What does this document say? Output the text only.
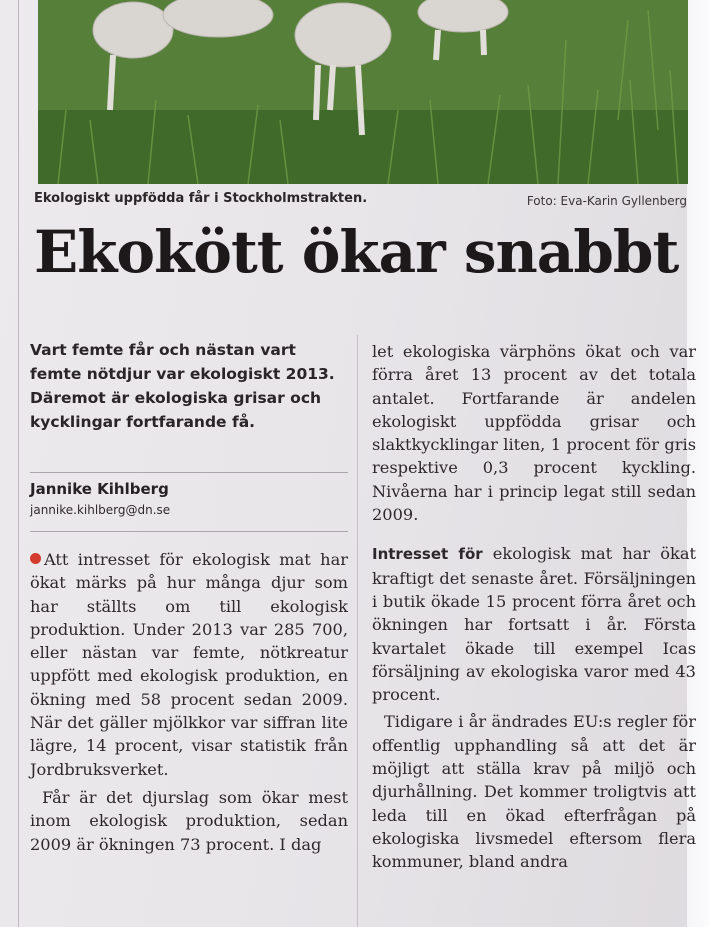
Ekologiskt uppfödda får i Stockholmstrakten.	Foto: Eva-Karin Gyllenberg
Ekokött ökar snabbt
Vart femte får och nästan vart femte nötdjur var ekologiskt 2013. Däremot är ekologiska grisar och kycklingar fortfarande få.
Jannike Kihlberg
jannike.kihlberg@dn.se
Att intresset för ekologisk mat har ökat märks på hur många djur som har ställts om till ekologisk produktion. Under 2013 var 285 700, eller nästan var femte, nötkreatur uppfött med ekologisk produktion, en ökning med 58 procent sedan 2009. När det gäller mjölkkor var siffran lite lägre, 14 procent, visar statistik från Jordbruksverket.
Får är det djurslag som ökar mest inom ekologisk produktion, sedan 2009 är ökningen 73 procent. I dag
let ekologiska värphöns ökat och var förra året 13 procent av det totala antalet. Fortfarande är andelen ekologiskt uppfödda grisar och slaktkycklingar liten, 1 procent för gris respektive 0,3 procent kyckling. Nivåerna har i princip legat still sedan 2009.
Intresset för ekologisk mat har ökat kraftigt det senaste året. Försäljningen i butik ökade 15 procent förra året och ökningen har fortsatt i år. Första kvartalet ökade till exempel Icas försäljning av ekologiska varor med 43 procent.
Tidigare i år ändrades EU:s regler för offentlig upphandling så att det är möjligt att ställa krav på miljö och djurhållning. Det kommer troligtvis att leda till en ökad efterfrågan på ekologiska livsmedel eftersom flera kommuner, bland andra
